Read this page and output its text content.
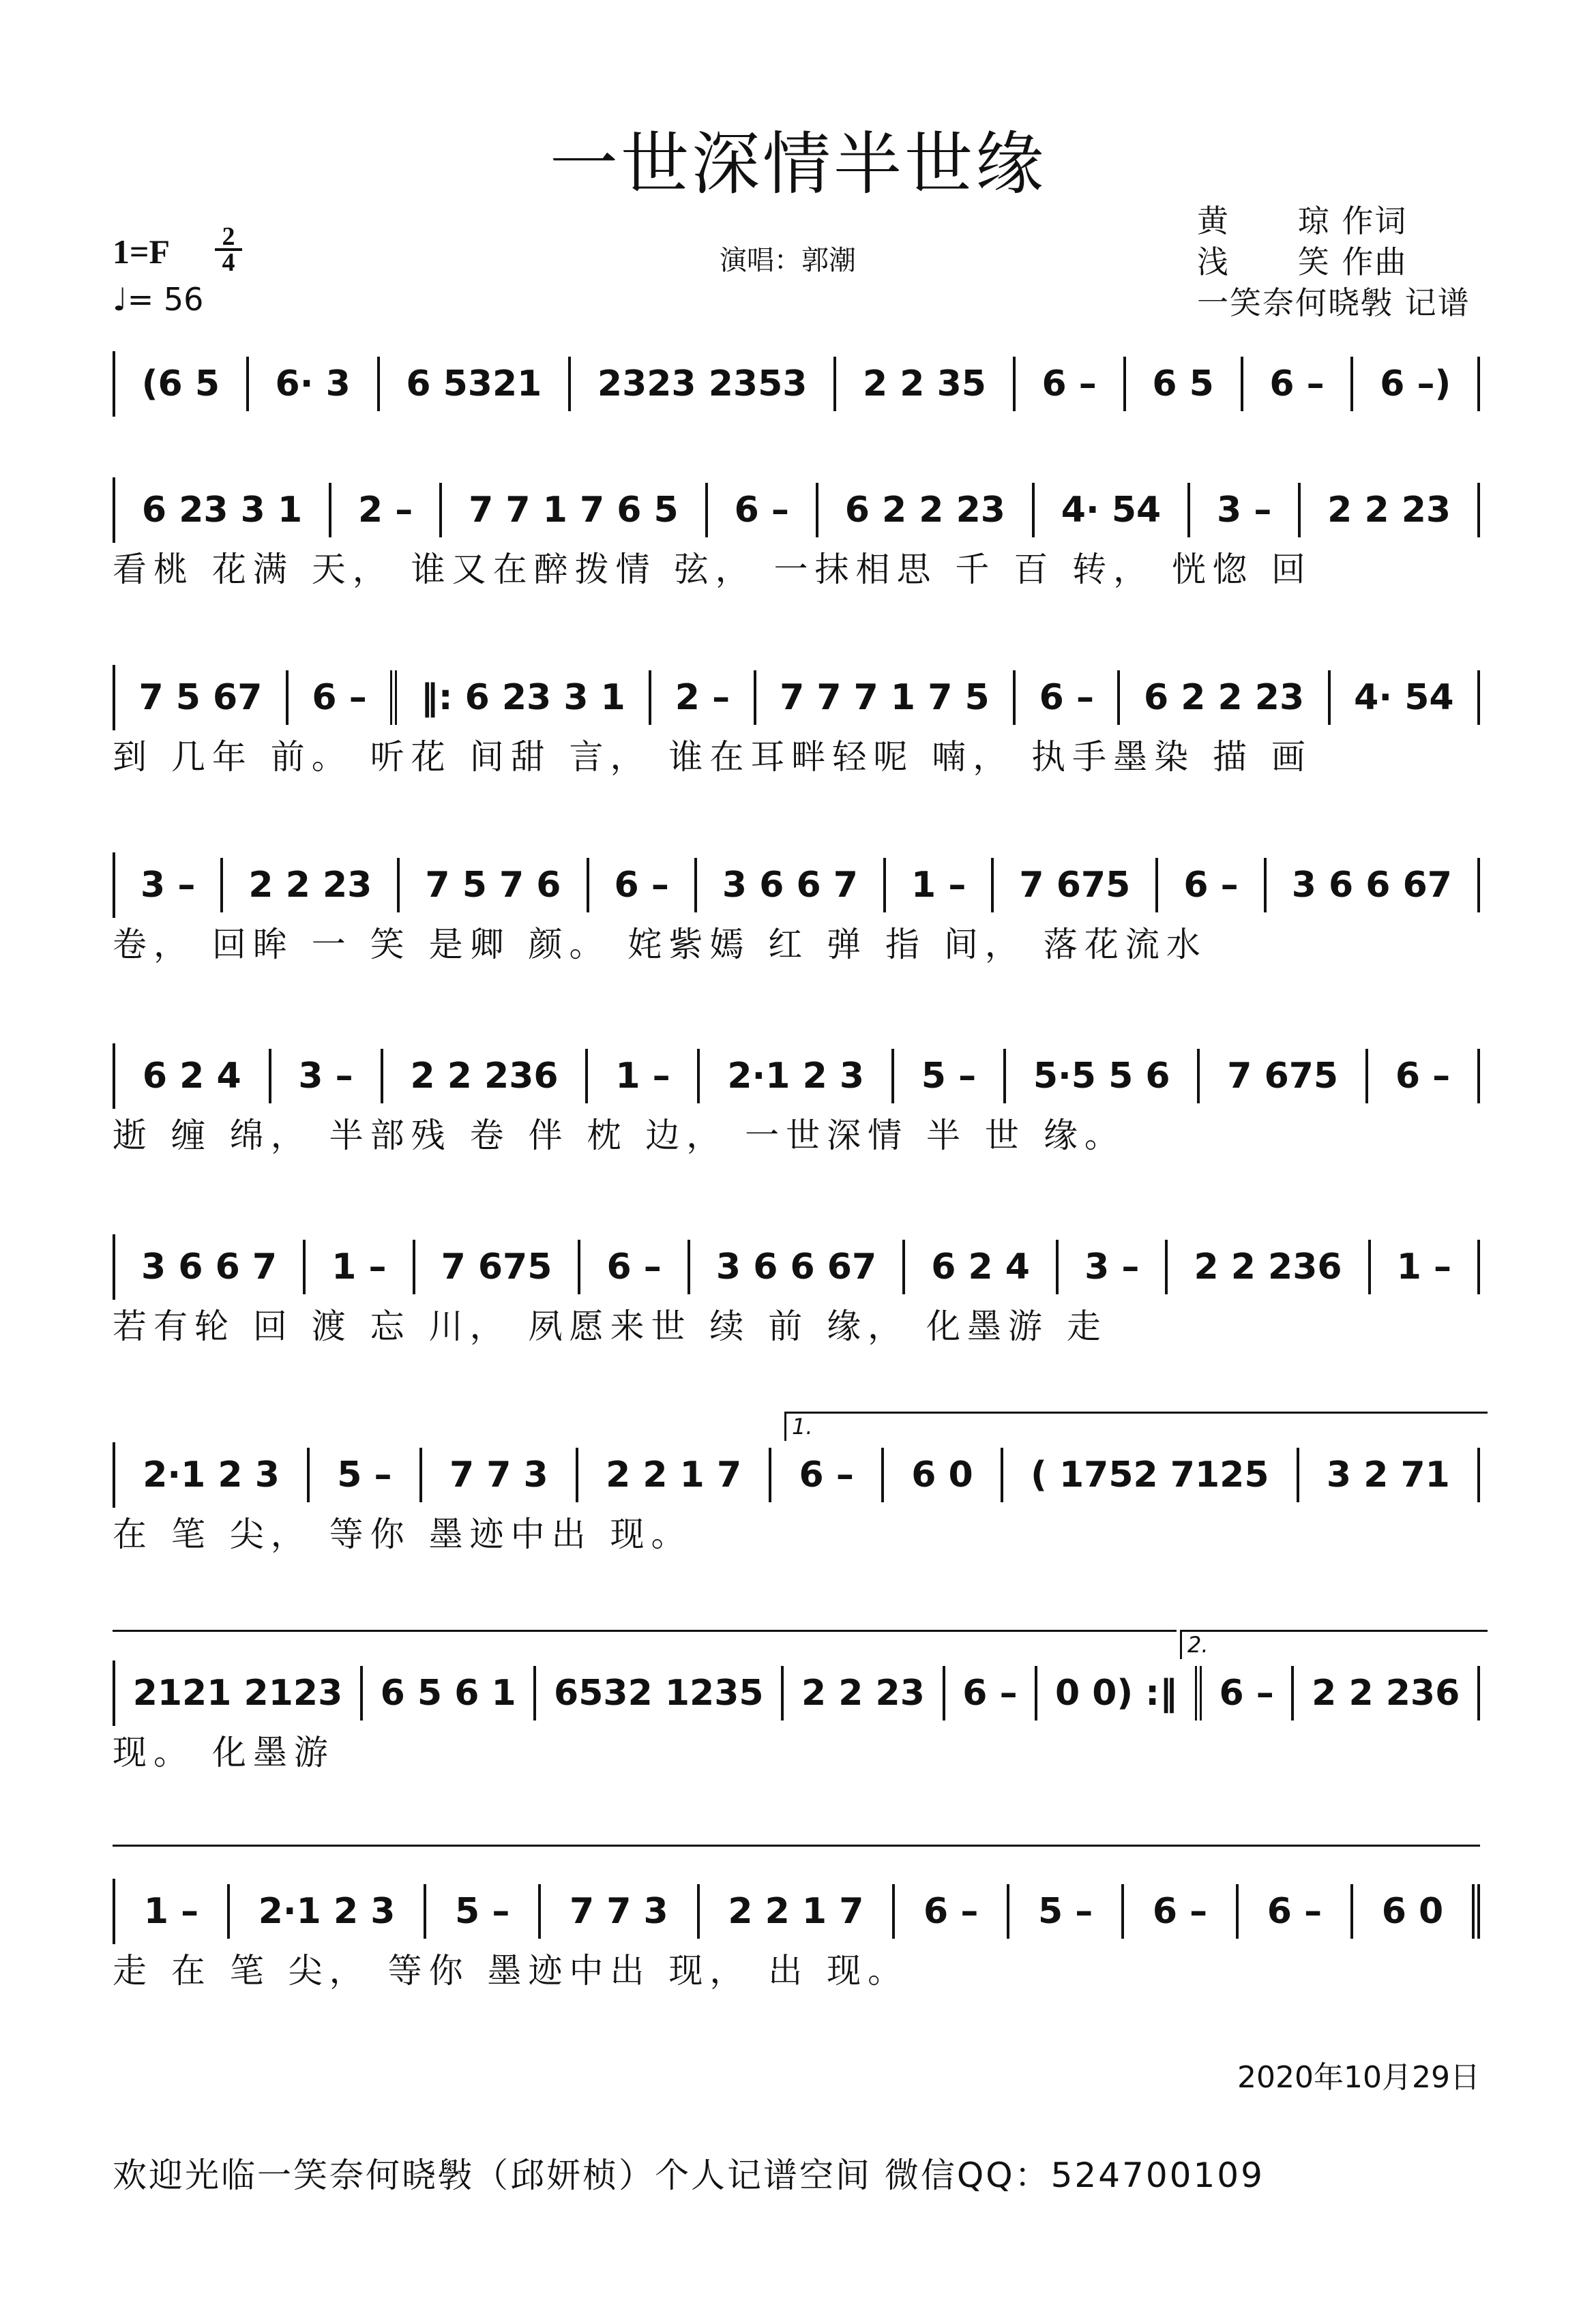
一世深情半世缘
黄      琼 作词
浅      笑 作曲
一笑奈何晓斅 记谱
1=F 2
4
♩= 56
演唱：郭潮
(6 5	6· 3	6 5321	2323 2353	2 2 35	6 –	6 5	6 –	6 –)
6 23 3 1	2 –	7 7 1 7 6 5	6 –	6 2 2 23	4· 54	3 –	2 2 23
看桃 花满 天， 谁又在醉拨情 弦， 一抹相思 千 百 转， 恍惚 回
7 5 67	6 –	‖: 6 23 3 1	2 –	7 7 7 1 7 5	6 –	6 2 2 23	4· 54
到 几年 前。 听花 间甜 言， 谁在耳畔轻呢 喃， 执手墨染 描 画
3 –	2 2 23	7 5 7 6	6 –	3 6 6 7	1 –	7 675	6 –	3 6 6 67
卷， 回眸 一 笑 是卿 颜。 姹紫嫣 红 弹 指 间， 落花流水
6 2 4	3 –	2 2 236	1 –	2·1 2 3	5 –	5·5 5 6	7 675	6 –
逝 缠 绵， 半部残 卷 伴 枕 边， 一世深情 半 世 缘。
3 6 6 7	1 –	7 675	6 –	3 6 6 67	6 2 4	3 –	2 2 236	1 –
若有轮 回 渡 忘 川， 夙愿来世 续 前 缘， 化墨游 走
1.
2·1 2 3	5 –	7 7 3	2 2 1 7	6 –	6 0	( 1752 7125	3 2 71
在 笔 尖， 等你 墨迹中出 现。
2.
2121 2123	6 5 6 1	6532 1235	2 2 23	6 –	0 0) :‖	6 –	2 2 236
现。 化墨游
1 –	2·1 2 3	5 –	7 7 3	2 2 1 7	6 –	5 –	6 –	6 –	6 0
走 在 笔 尖， 等你 墨迹中出 现， 出 现。
2020年10月29日
欢迎光临一笑奈何晓斅（邱妍桢）个人记谱空间 微信QQ：524700109
